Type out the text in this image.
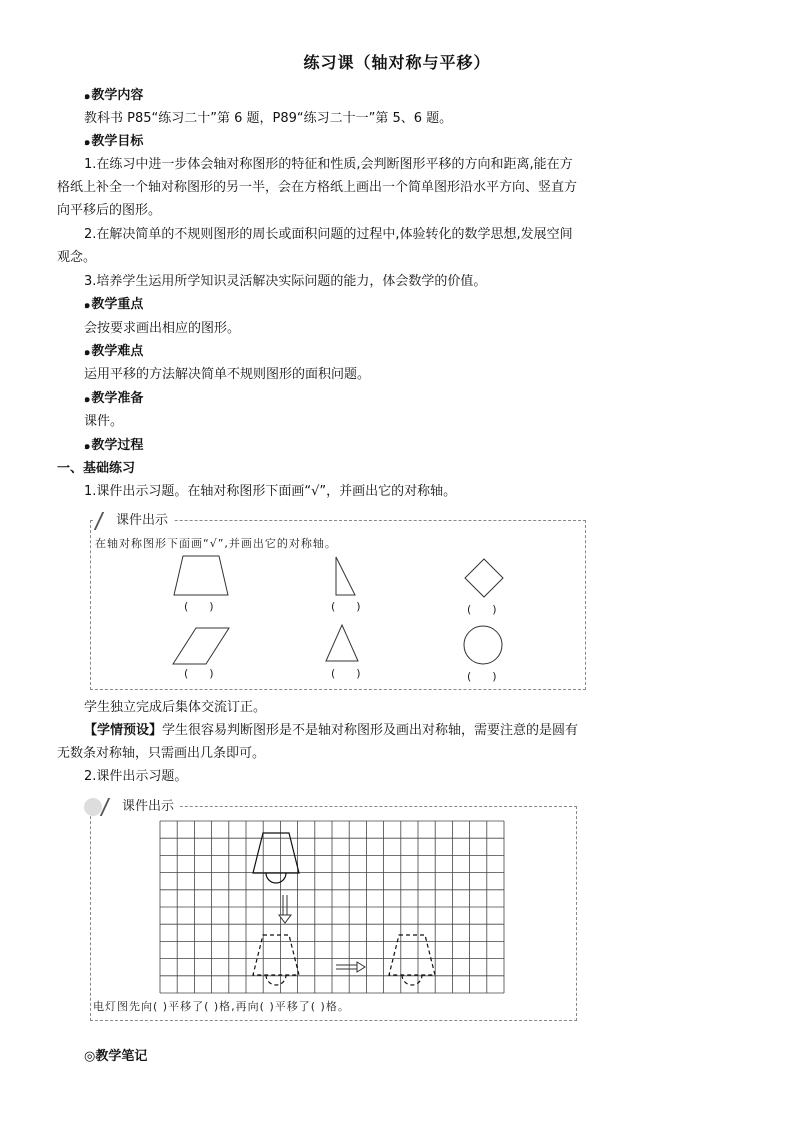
练习课（轴对称与平移）
๑教学内容
教科书 P85“练习二十”第 6 题，P89“练习二十一”第 5、6 题。
๑教学目标
1.在练习中进一步体会轴对称图形的特征和性质,会判断图形平移的方向和距离,能在方
格纸上补全一个轴对称图形的另一半，会在方格纸上画出一个简单图形沿水平方向、竖直方
向平移后的图形。
2.在解决简单的不规则图形的周长或面积问题的过程中,体验转化的数学思想,发展空间
观念。
3.培养学生运用所学知识灵活解决实际问题的能力，体会数学的价值。
๑教学重点
会按要求画出相应的图形。
๑教学难点
运用平移的方法解决简单不规则图形的面积问题。
๑教学准备
课件。
๑教学过程
一、基础练习
1.课件出示习题。在轴对称图形下面画“√”，并画出它的对称轴。
课件出示
在轴对称图形下面画“√”,并画出它的对称轴。
(      )	(      )	(      )
(      )	(      )	(      )
学生独立完成后集体交流订正。
【学情预设】学生很容易判断图形是不是轴对称图形及画出对称轴，需要注意的是圆有
无数条对称轴，只需画出几条即可。
2.课件出示习题。
课件出示
电灯图先向( )平移了( )格,再向( )平移了( )格。
◎教学笔记
